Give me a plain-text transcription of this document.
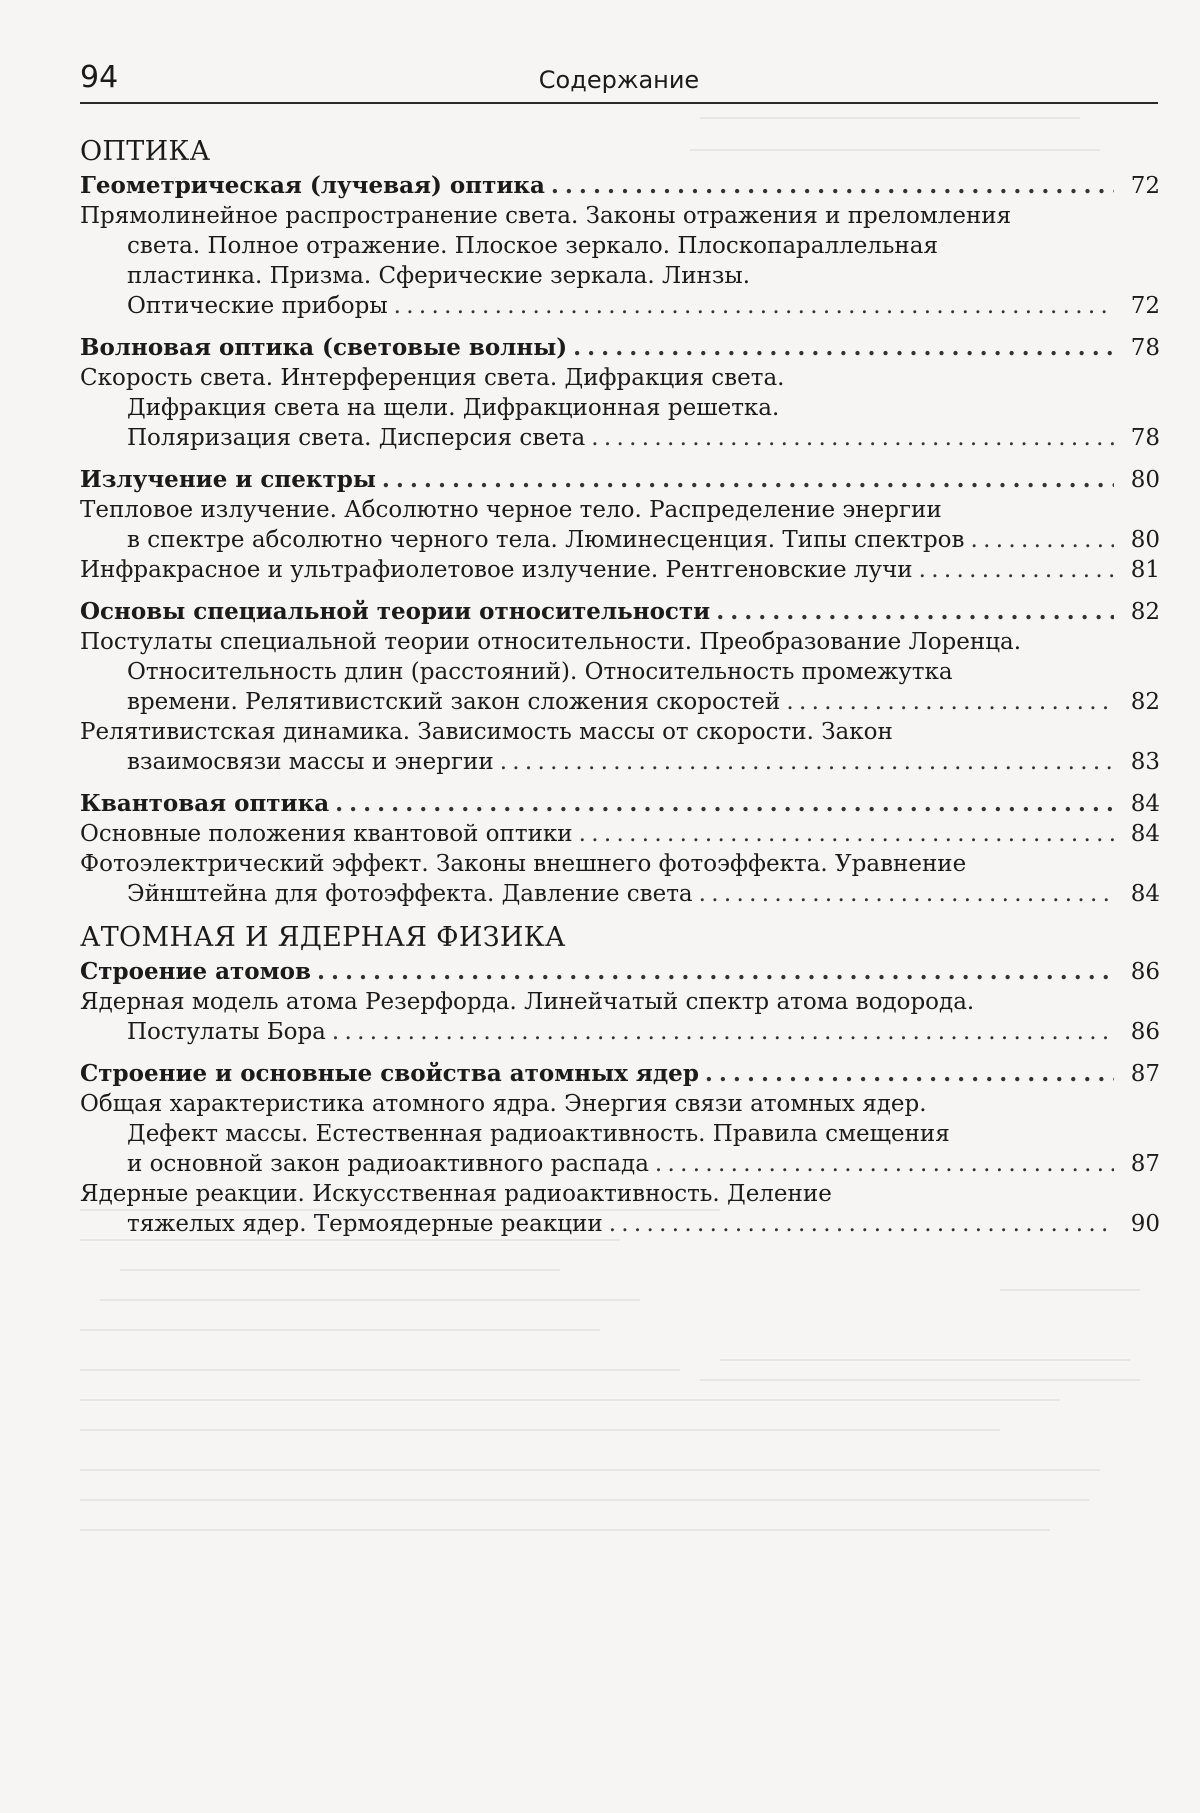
94	Содержание
ОПТИКА
Геометрическая (лучевая) оптика . . .	72
Прямолинейное распространение света. Законы отражения и преломления
света. Полное отражение. Плоское зеркало. Плоскопараллельная
пластинка. Призма. Сферические зеркала. Линзы.
Оптические приборы . . .	72
Волновая оптика (световые волны) . . .	78
Скорость света. Интерференция света. Дифракция света.
Дифракция света на щели. Дифракционная решетка.
Поляризация света. Дисперсия света . . .	78
Излучение и спектры . . .	80
Тепловое излучение. Абсолютно черное тело. Распределение энергии
в спектре абсолютно черного тела. Люминесценция. Типы спектров . . .	80
Инфракрасное и ультрафиолетовое излучение. Рентгеновские лучи . . .	81
Основы специальной теории относительности . . .	82
Постулаты специальной теории относительности. Преобразование Лоренца.
Относительность длин (расстояний). Относительность промежутка
времени. Релятивистский закон сложения скоростей . . .	82
Релятивистская динамика. Зависимость массы от скорости. Закон
взаимосвязи массы и энергии . . .	83
Квантовая оптика . . .	84
Основные положения квантовой оптики . . .	84
Фотоэлектрический эффект. Законы внешнего фотоэффекта. Уравнение
Эйнштейна для фотоэффекта. Давление света . . .	84
АТОМНАЯ И ЯДЕРНАЯ ФИЗИКА
Строение атомов . . .	86
Ядерная модель атома Резерфорда. Линейчатый спектр атома водорода.
Постулаты Бора . . .	86
Строение и основные свойства атомных ядер . . .	87
Общая характеристика атомного ядра. Энергия связи атомных ядер.
Дефект массы. Естественная радиоактивность. Правила смещения
и основной закон радиоактивного распада . . .	87
Ядерные реакции. Искусственная радиоактивность. Деление
тяжелых ядер. Термоядерные реакции . . .	90
